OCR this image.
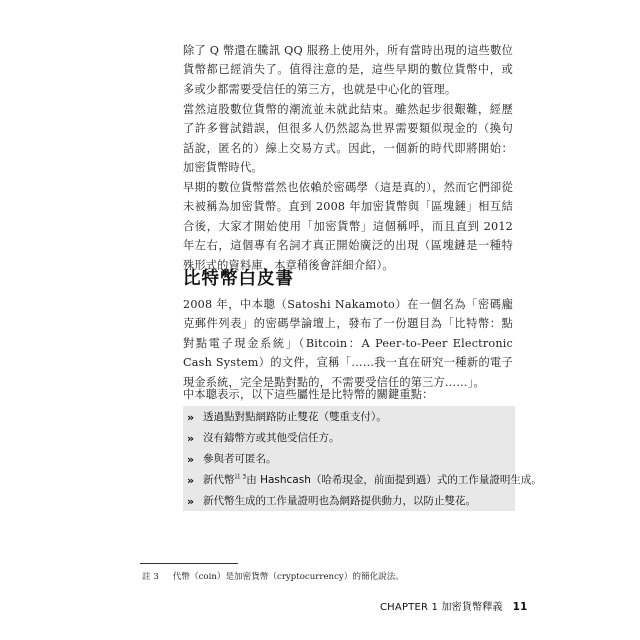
除了 Q 幣還在騰訊 QQ 服務上使用外，所有當時出現的這些數位貨幣都已經消失了。值得注意的是，這些早期的數位貨幣中，或多或少都需要受信任的第三方，也就是中心化的管理。

當然這股數位貨幣的潮流並未就此結束。雖然起步很艱難，經歷了許多嘗試錯誤，但很多人仍然認為世界需要類似現金的（換句話說，匿名的）線上交易方式。因此，一個新的時代即將開始：加密貨幣時代。

早期的數位貨幣當然也依賴於密碼學（這是真的），然而它們卻從未被稱為加密貨幣。直到 2008 年加密貨幣與「區塊鏈」相互結合後，大家才開始使用「加密貨幣」這個稱呼，而且直到 2012 年左右，這個專有名詞才真正開始廣泛的出現（區塊鏈是一種特殊形式的資料庫，本章稍後會詳細介紹）。

比特幣白皮書

2008 年，中本聰（Satoshi Nakamoto）在一個名為「密碼龐克郵件列表」的密碼學論壇上，發布了一份題目為「比特幣：點對點電子現金系統」（Bitcoin：A Peer-to-Peer Electronic Cash System）的文件，宣稱「……我一直在研究一種新的電子現金系統，完全是點對點的，不需要受信任的第三方……」。

中本聰表示，以下這些屬性是比特幣的關鍵重點：

» 透過點對點網路防止雙花（雙重支付）。
» 沒有鑄幣方或其他受信任方。
» 參與者可匿名。
» 新代幣$^{註 3}$由 Hashcash（哈希現金，前面提到過）式的工作量證明生成。
» 新代幣生成的工作量證明也為網路提供動力，以防止雙花。
註 3 代幣（coin）是加密貨幣（cryptocurrency）的簡化說法。
CHAPTER 1 加密貨幣釋義 11
